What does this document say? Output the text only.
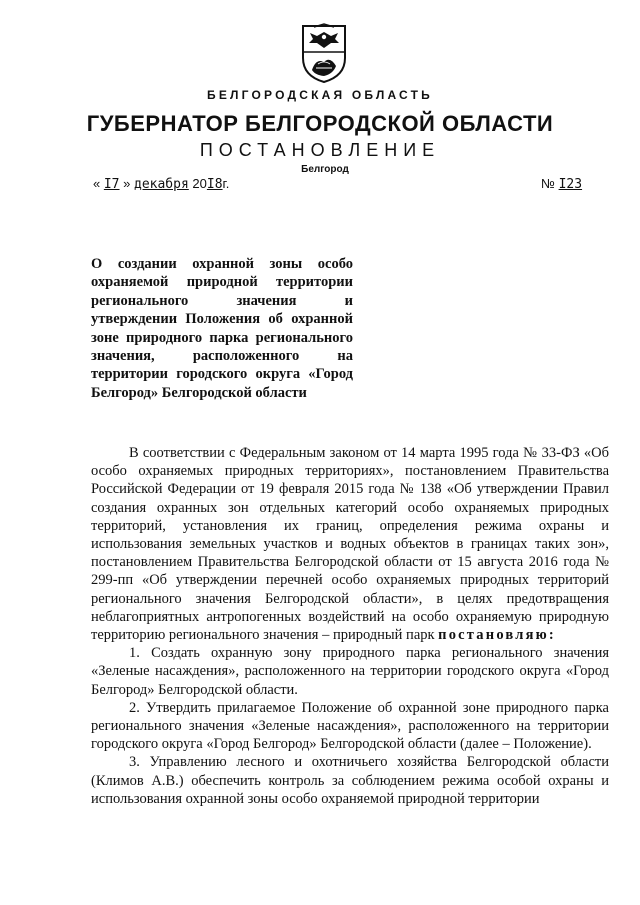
БЕЛГОРОДСКАЯ ОБЛАСТЬ
ГУБЕРНАТОР БЕЛГОРОДСКОЙ ОБЛАСТИ
ПОСТАНОВЛЕНИЕ
Белгород
« I7 » декабря 20I8г.	№ I23
О создании охранной зоны особо охраняемой природной территории регионального значения и утверждении Положения об охранной зоне природного парка регионального значения, расположенного на территории городского округа «Город Белгород» Белгородской области

В соответствии с Федеральным законом от 14 марта 1995 года № 33-ФЗ «Об особо охраняемых природных территориях», постановлением Правительства Российской Федерации от 19 февраля 2015 года № 138 «Об утверждении Правил создания охранных зон отдельных категорий особо охраняемых природных территорий, установления их границ, определения режима охраны и использования земельных участков и водных объектов в границах таких зон», постановлением Правительства Белгородской области от 15 августа 2016 года № 299-пп «Об утверждении перечней особо охраняемых природных территорий регионального значения Белгородской области», в целях предотвращения неблагоприятных антропогенных воздействий на особо охраняемую природную территорию регионального значения – природный парк постановляю:

1. Создать охранную зону природного парка регионального значения «Зеленые насаждения», расположенного на территории городского округа «Город Белгород» Белгородской области.

2. Утвердить прилагаемое Положение об охранной зоне природного парка регионального значения «Зеленые насаждения», расположенного на территории городского округа «Город Белгород» Белгородской области (далее – Положение).

3. Управлению лесного и охотничьего хозяйства Белгородской области (Климов А.В.) обеспечить контроль за соблюдением режима особой охраны и использования охранной зоны особо охраняемой природной территории
